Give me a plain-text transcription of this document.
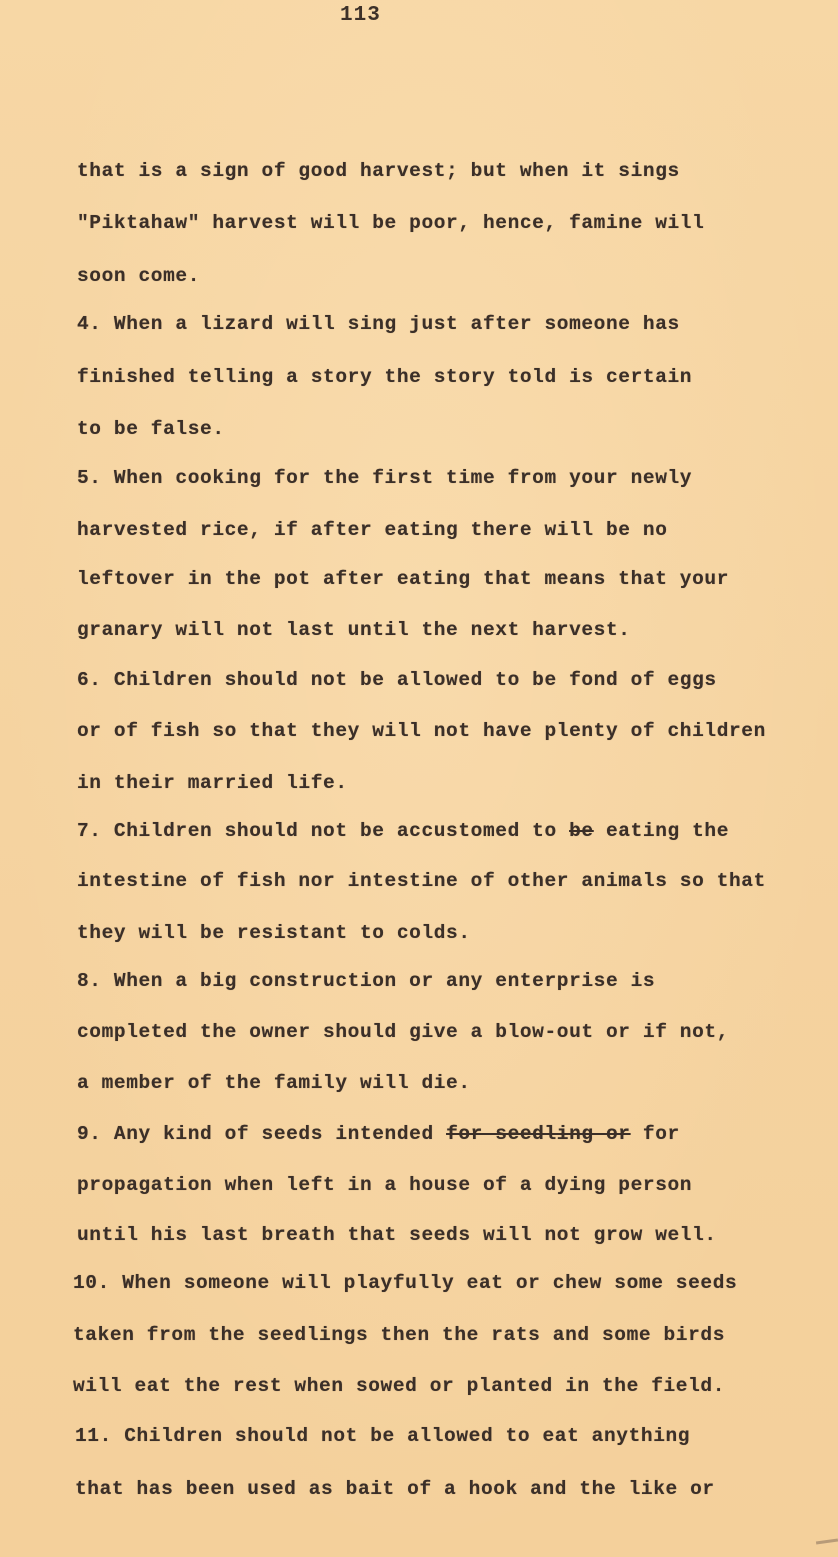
113
that is a sign of good harvest; but when it sings
"Piktahaw" harvest will be poor, hence, famine will
soon come.
4. When a lizard will sing just after someone has
finished telling a story the story told is certain
to be false.
5. When cooking for the first time from your newly
harvested rice, if after eating there will be no
leftover in the pot after eating that means that your
granary will not last until the next harvest.
6. Children should not be allowed to be fond of eggs
or of fish so that they will not have plenty of children
in their married life.
7. Children should not be accustomed to be eating the
intestine of fish nor intestine of other animals so that
they will be resistant to colds.
8. When a big construction or any enterprise is
completed the owner should give a blow-out or if not,
a member of the family will die.
9. Any kind of seeds intended for seedling or for
propagation when left in a house of a dying person
until his last breath that seeds will not grow well.
10. When someone will playfully eat or chew some seeds
taken from the seedlings then the rats and some birds
will eat the rest when sowed or planted in the field.
11. Children should not be allowed to eat anything
that has been used as bait of a hook and the like or
